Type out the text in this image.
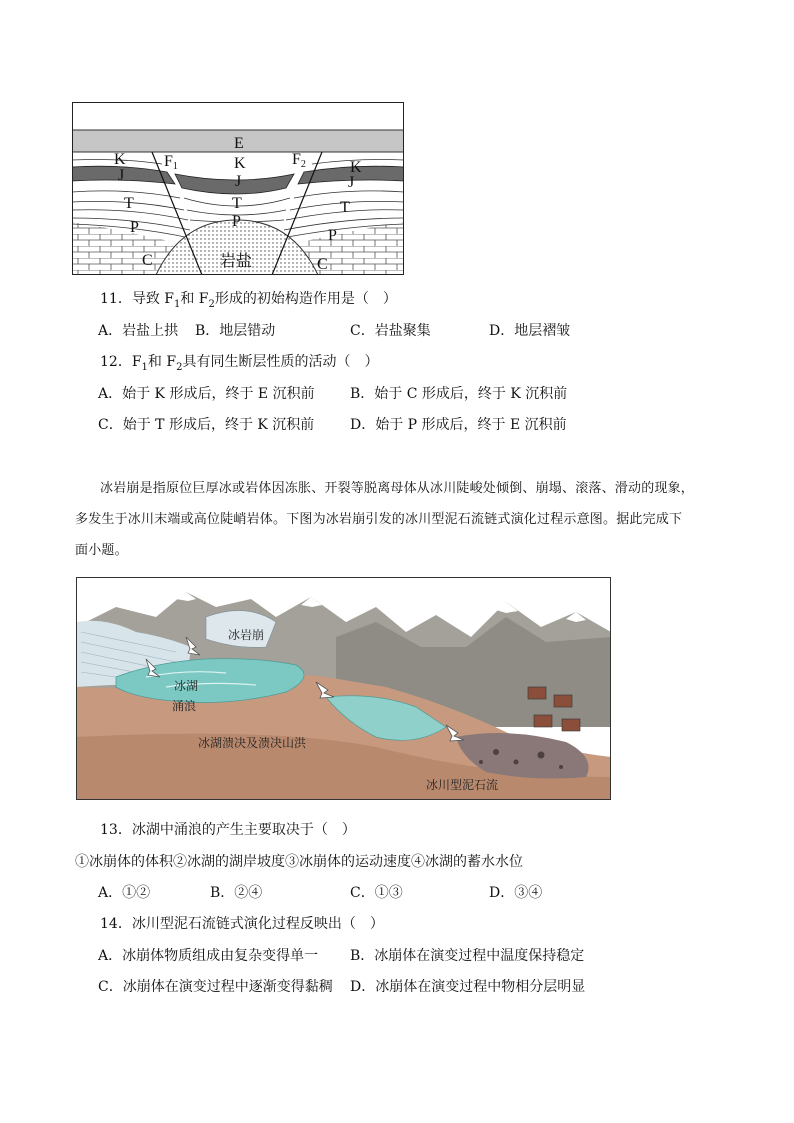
E
K
J
F1	K
J
F2	K
J
T	T	T
P	P
P
C	C
岩盐
11．导致 $F_1$和 $F_2$形成的初始构造作用是（　）
A．岩盐上拱 B．地层错动	C．岩盐聚集	D．地层褶皱
12．$F_1$和 $F_2$具有同生断层性质的活动（　）
A．始于 K 形成后，终于 E 沉积前	B．始于 C 形成后，终于 K 沉积前
C．始于 T 形成后，终于 K 沉积前	D．始于 P 形成后，终于 E 沉积前
冰岩崩是指原位巨厚冰或岩体因冻胀、开裂等脱离母体从冰川陡峻处倾倒、崩塌、滚落、滑动的现象，
多发生于冰川末端或高位陡峭岩体。下图为冰岩崩引发的冰川型泥石流链式演化过程示意图。据此完成下
面小题。
冰岩崩
冰湖
涌浪
冰湖溃决及溃决山洪
冰川型泥石流
13．冰湖中涌浪的产生主要取决于（　）
①冰崩体的体积②冰湖的湖岸坡度③冰崩体的运动速度④冰湖的蓄水水位
A．①②	B．②④	C．①③	D．③④
14．冰川型泥石流链式演化过程反映出（　）
A．冰崩体物质组成由复杂变得单一 B．冰崩体在演变过程中温度保持稳定
C．冰崩体在演变过程中逐渐变得黏稠 D．冰崩体在演变过程中物相分层明显
